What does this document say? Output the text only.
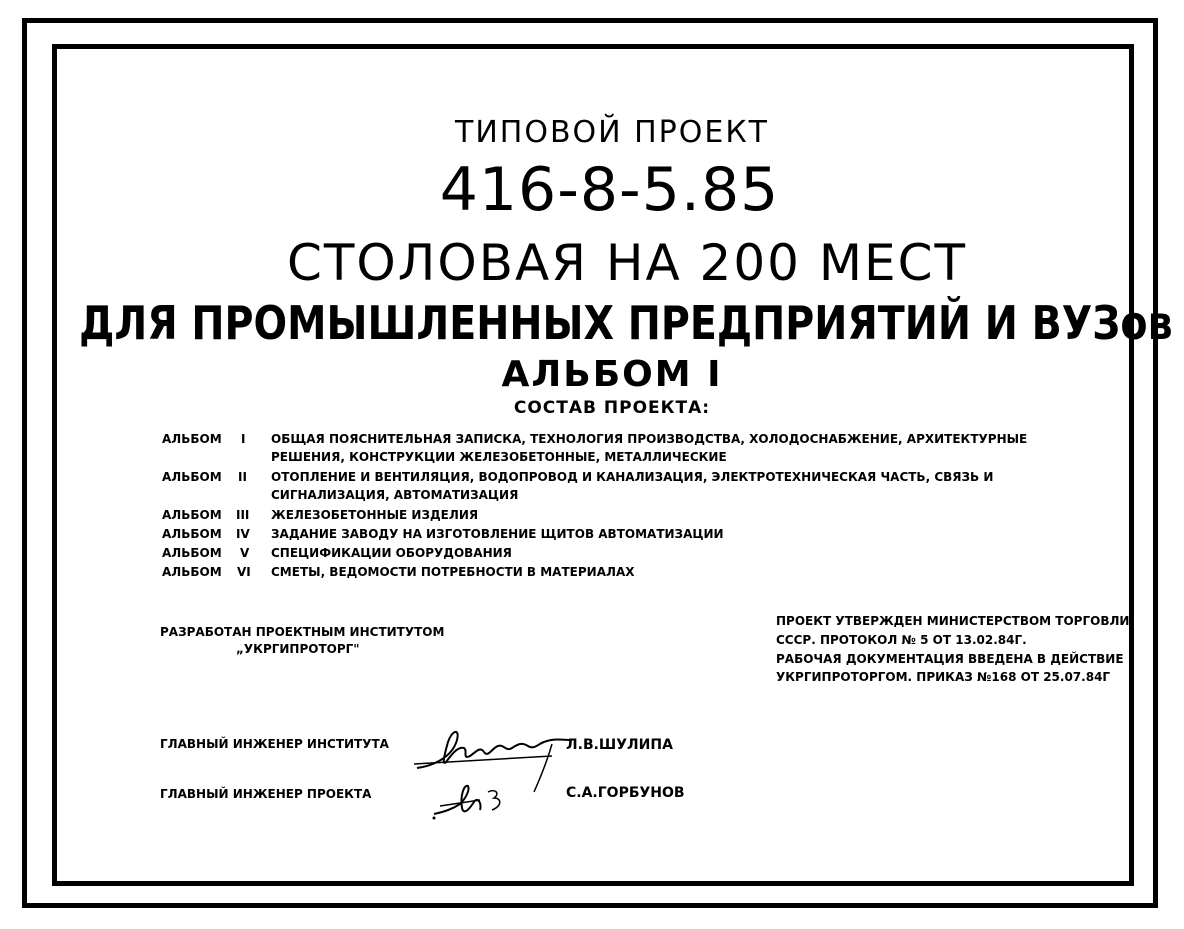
ТИПОВОЙ ПРОЕКТ
416-8-5.85
СТОЛОВАЯ НА 200 МЕСТ
ДЛЯ ПРОМЫШЛЕННЫХ ПРЕДПРИЯТИЙ И ВУЗов
АЛЬБОМ I
СОСТАВ ПРОЕКТА:
АЛЬБОМ I ОБЩАЯ ПОЯСНИТЕЛЬНАЯ ЗАПИСКА, ТЕХНОЛОГИЯ ПРОИЗВОДСТВА, ХОЛОДОСНАБЖЕНИЕ, АРХИТЕКТУРНЫЕ
РЕШЕНИЯ, КОНСТРУКЦИИ ЖЕЛЕЗОБЕТОННЫЕ, МЕТАЛЛИЧЕСКИЕ
АЛЬБОМ II ОТОПЛЕНИЕ И ВЕНТИЛЯЦИЯ, ВОДОПРОВОД И КАНАЛИЗАЦИЯ, ЭЛЕКТРОТЕХНИЧЕСКАЯ ЧАСТЬ, СВЯЗЬ И
СИГНАЛИЗАЦИЯ, АВТОМАТИЗАЦИЯ
АЛЬБОМ III ЖЕЛЕЗОБЕТОННЫЕ ИЗДЕЛИЯ
АЛЬБОМ IV ЗАДАНИЕ ЗАВОДУ НА ИЗГОТОВЛЕНИЕ ЩИТОВ АВТОМАТИЗАЦИИ
АЛЬБОМ V СПЕЦИФИКАЦИИ ОБОРУДОВАНИЯ
АЛЬБОМ VI СМЕТЫ, ВЕДОМОСТИ ПОТРЕБНОСТИ В МАТЕРИАЛАХ
РАЗРАБОТАН ПРОЕКТНЫМ ИНСТИТУТОМ
„УКРГИПРОТОРГ"
ПРОЕКТ УТВЕРЖДЕН МИНИСТЕРСТВОМ ТОРГОВЛИ
СССР. ПРОТОКОЛ № 5 ОТ 13.02.84Г.
РАБОЧАЯ ДОКУМЕНТАЦИЯ ВВЕДЕНА В ДЕЙСТВИЕ
УКРГИПРОТОРГОМ. ПРИКАЗ №168 ОТ 25.07.84Г
ГЛАВНЫЙ ИНЖЕНЕР ИНСТИТУТА	Л.В.ШУЛИПА
ГЛАВНЫЙ ИНЖЕНЕР ПРОЕКТА	С.А.ГОРБУНОВ
